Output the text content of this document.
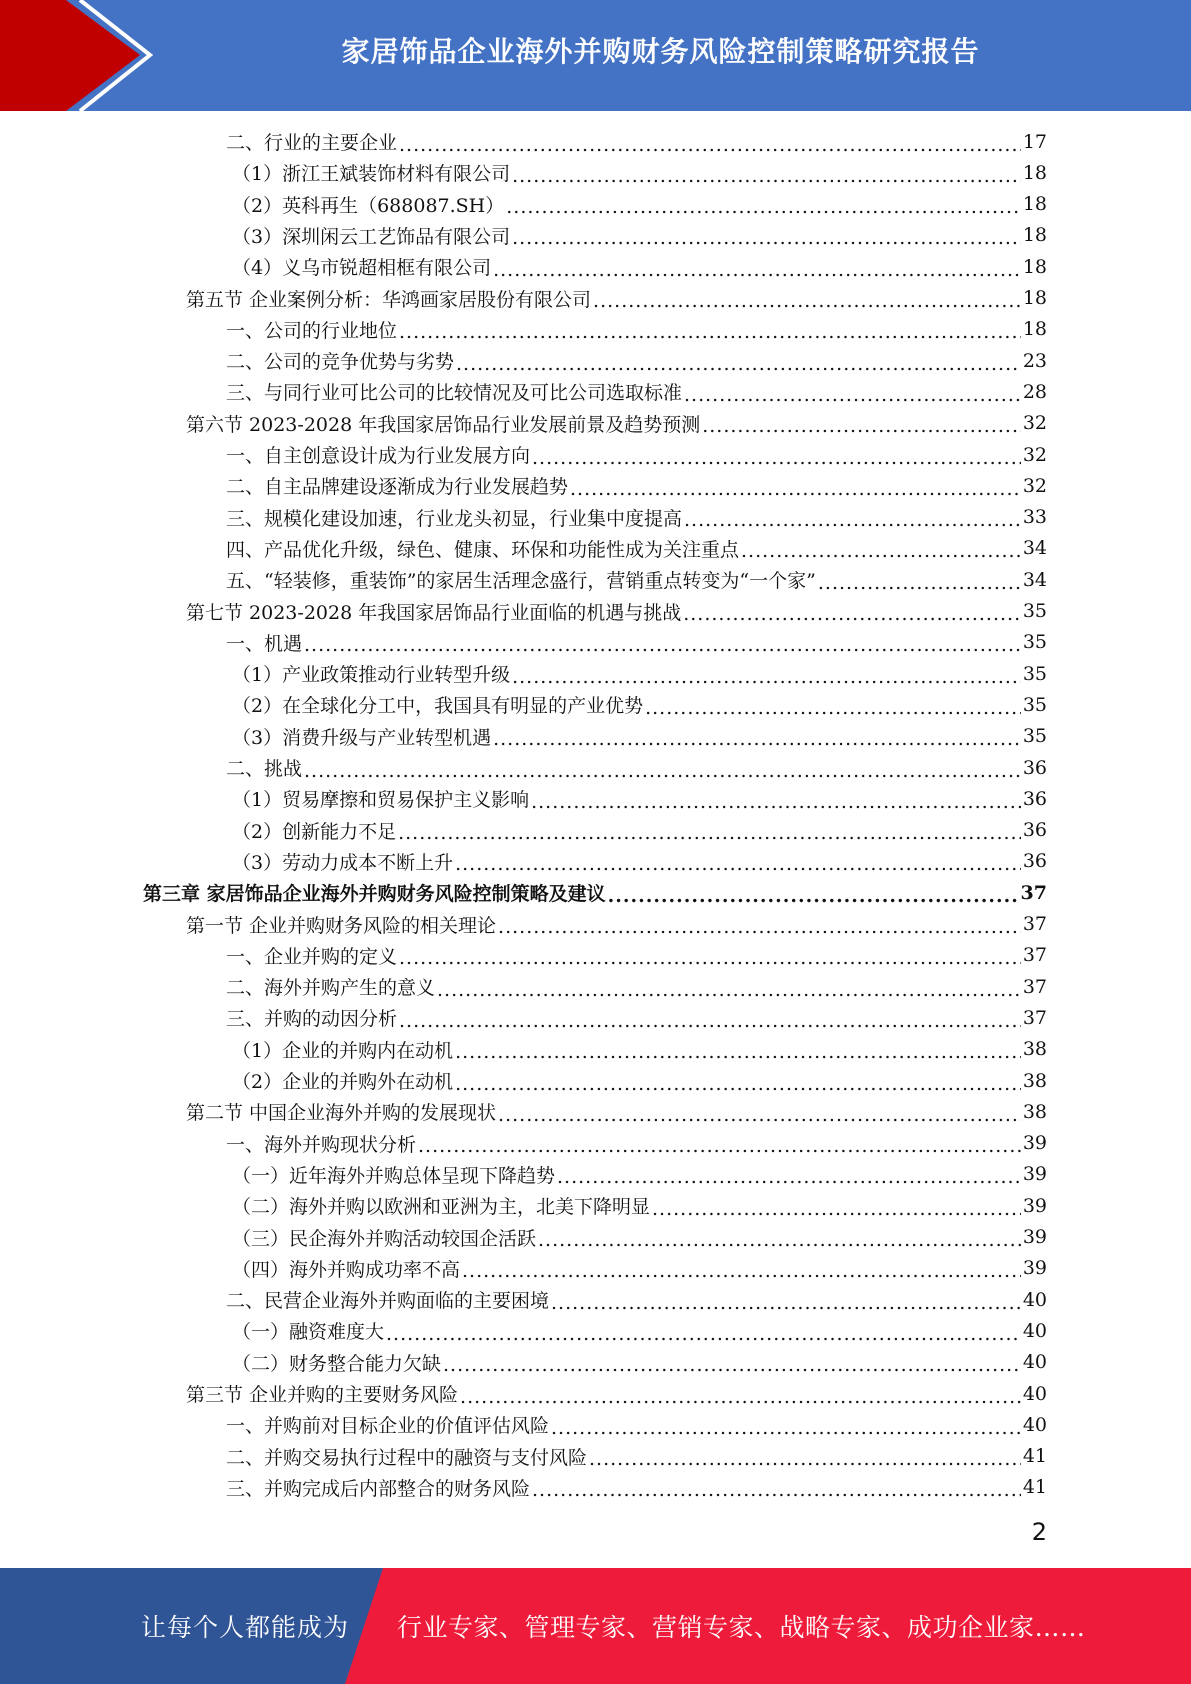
家居饰品企业海外并购财务风险控制策略研究报告
二、行业的主要企业 .....	17
（1）浙江王斌装饰材料有限公司 .....	18
（2）英科再生（688087.SH） .....	18
（3）深圳闲云工艺饰品有限公司 .....	18
（4）义乌市锐超相框有限公司 .....	18
第五节 企业案例分析：华鸿画家居股份有限公司 .....	18
一、公司的行业地位 .....	18
二、公司的竞争优势与劣势 .....	23
三、与同行业可比公司的比较情况及可比公司选取标准 .....	28
第六节 2023-2028 年我国家居饰品行业发展前景及趋势预测 .....	32
一、自主创意设计成为行业发展方向 .....	32
二、自主品牌建设逐渐成为行业发展趋势 .....	32
三、规模化建设加速，行业龙头初显，行业集中度提高 .....	33
四、产品优化升级，绿色、健康、环保和功能性成为关注重点 .....	34
五、“轻装修，重装饰”的家居生活理念盛行，营销重点转变为“一个家” .....	34
第七节 2023-2028 年我国家居饰品行业面临的机遇与挑战 .....	35
一、机遇 .....	35
（1）产业政策推动行业转型升级 .....	35
（2）在全球化分工中，我国具有明显的产业优势 .....	35
（3）消费升级与产业转型机遇 .....	35
二、挑战 .....	36
（1）贸易摩擦和贸易保护主义影响 .....	36
（2）创新能力不足 .....	36
（3）劳动力成本不断上升 .....	36
第三章 家居饰品企业海外并购财务风险控制策略及建议 .....	37
第一节 企业并购财务风险的相关理论 .....	37
一、企业并购的定义 .....	37
二、海外并购产生的意义 .....	37
三、并购的动因分析 .....	37
（1）企业的并购内在动机 .....	38
（2）企业的并购外在动机 .....	38
第二节 中国企业海外并购的发展现状 .....	38
一、海外并购现状分析 .....	39
（一）近年海外并购总体呈现下降趋势 .....	39
（二）海外并购以欧洲和亚洲为主，北美下降明显 .....	39
（三）民企海外并购活动较国企活跃 .....	39
（四）海外并购成功率不高 .....	39
二、民营企业海外并购面临的主要困境 .....	40
（一）融资难度大 .....	40
（二）财务整合能力欠缺 .....	40
第三节 企业并购的主要财务风险 .....	40
一、并购前对目标企业的价值评估风险 .....	40
二、并购交易执行过程中的融资与支付风险 .....	41
三、并购完成后内部整合的财务风险 .....	41
2
让每个人都能成为 行业专家、管理专家、营销专家、战略专家、成功企业家……
